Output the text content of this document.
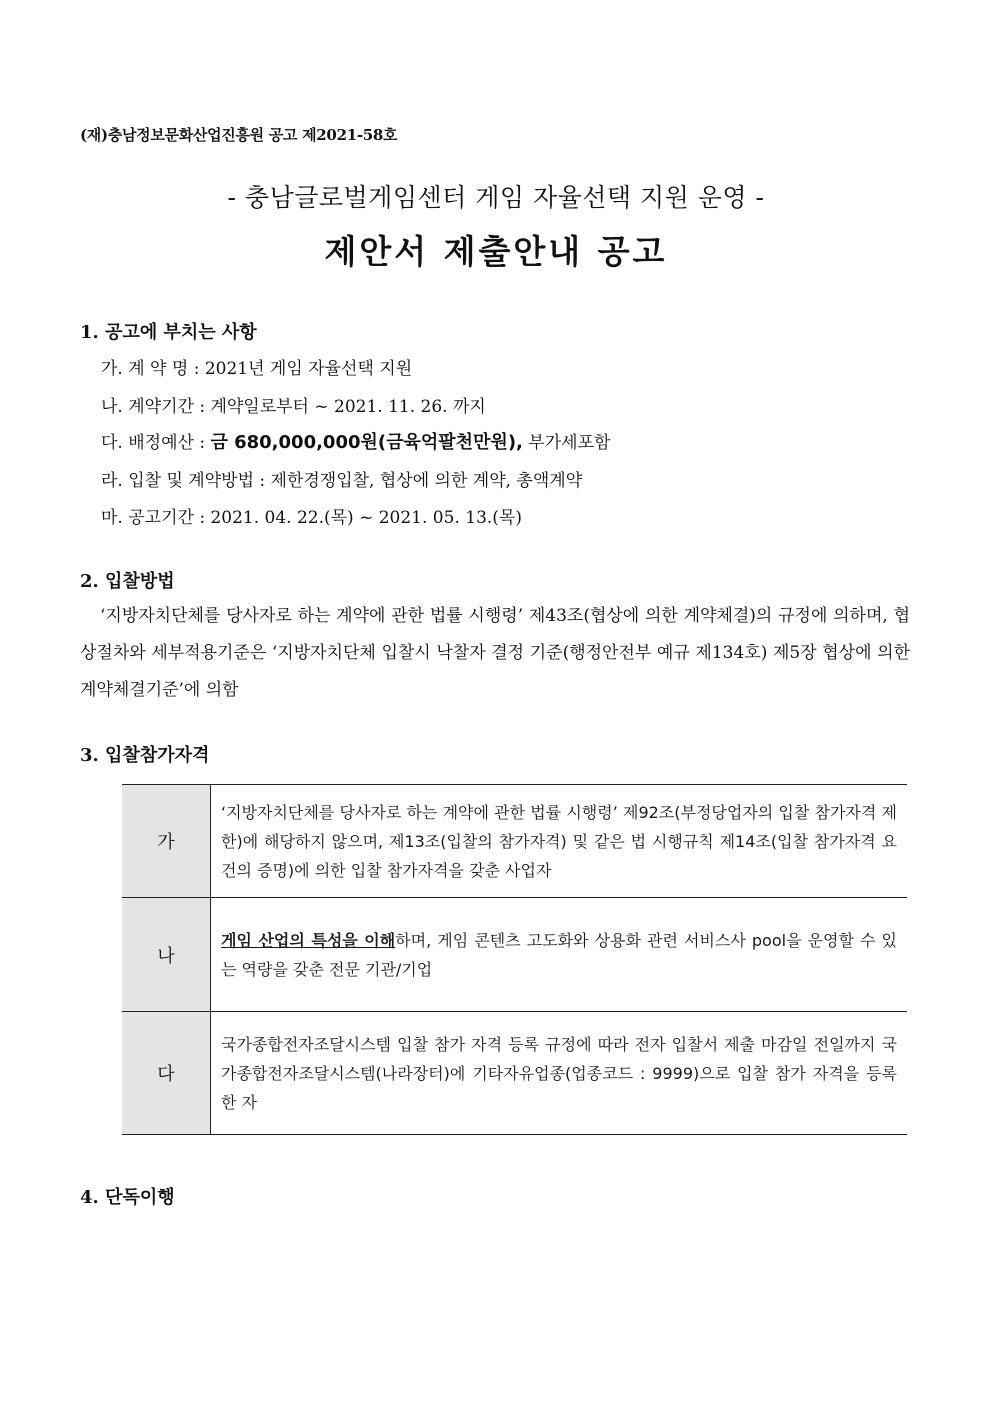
(재)충남정보문화산업진흥원 공고 제2021-58호
- 충남글로벌게임센터 게임 자율선택 지원 운영 -
제안서 제출안내 공고
1. 공고에 부치는 사항
가. 계 약 명 : 2021년 게임 자율선택 지원
나. 계약기간 : 계약일로부터 ~ 2021. 11. 26. 까지
다. 배정예산 : 금 680,000,000원(금육억팔천만원), 부가세포함
라. 입찰 및 계약방법 : 제한경쟁입찰, 협상에 의한 계약, 총액계약
마. 공고기간 : 2021. 04. 22.(목) ~ 2021. 05. 13.(목)
2. 입찰방법
‘지방자치단체를 당사자로 하는 계약에 관한 법률 시행령’ 제43조(협상에 의한 계약체결)의 규정에 의하며, 협상절차와 세부적용기준은 ‘지방자치단체 입찰시 낙찰자 결정 기준(행정안전부 예규 제134호) 제5장 협상에 의한 계약체결기준’에 의함
3. 입찰참가자격
가	‘지방자치단체를 당사자로 하는 계약에 관한 법률 시행령’ 제92조(부정당업자의 입찰 참가자격 제한)에 해당하지 않으며, 제13조(입찰의 참가자격) 및 같은 법 시행규칙 제14조(입찰 참가자격 요건의 증명)에 의한 입찰 참가자격을 갖춘 사업자
나	게임 산업의 특성을 이해하며, 게임 콘텐츠 고도화와 상용화 관련 서비스사 pool을 운영할 수 있는 역량을 갖춘 전문 기관/기업
다	국가종합전자조달시스템 입찰 참가 자격 등록 규정에 따라 전자 입찰서 제출 마감일 전일까지 국가종합전자조달시스템(나라장터)에 기타자유업종(업종코드 : 9999)으로 입찰 참가 자격을 등록한 자
4. 단독이행
